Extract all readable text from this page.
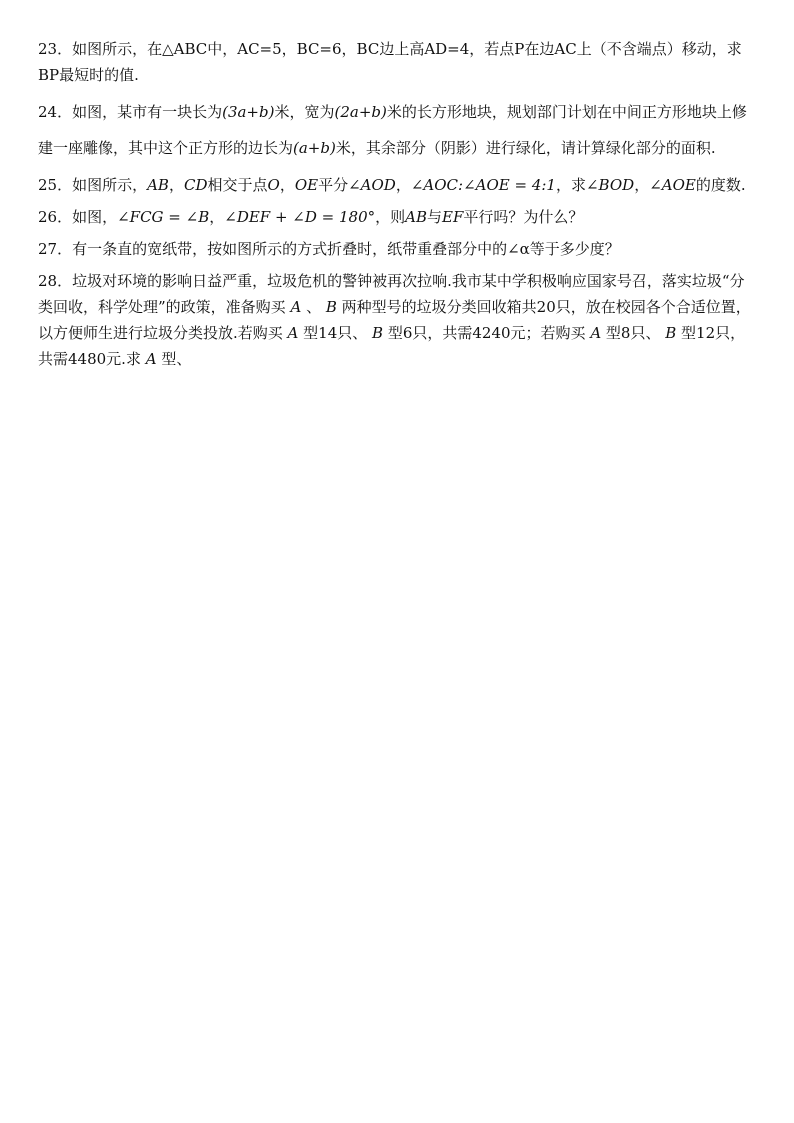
23．如图所示，在△ABC中，AC=5，BC=6，BC边上高AD=4，若点P在边AC上（不含端点）移动，求BP最短时的值.

24．如图，某市有一块长为(3a+b)米，宽为(2a+b)米的长方形地块，规划部门计划在中间正方形地块上修建一座雕像，其中这个正方形的边长为(a+b)米，其余部分（阴影）进行绿化，请计算绿化部分的面积.

25．如图所示，AB，CD相交于点O，OE平分∠AOD，∠AOC:∠AOE = 4:1，求∠BOD，∠AOE的度数.

26．如图，∠FCG = ∠B，∠DEF + ∠D = 180°，则AB与EF平行吗？为什么？

27．有一条直的宽纸带，按如图所示的方式折叠时，纸带重叠部分中的∠α等于多少度？

28．垃圾对环境的影响日益严重，垃圾危机的警钟被再次拉响.我市某中学积极响应国家号召，落实垃圾“分类回收，科学处理”的政策，准备购买 A 、 B 两种型号的垃圾分类回收箱共20只，放在校园各个合适位置，以方便师生进行垃圾分类投放.若购买 A 型14只、 B 型6只，共需4240元；若购买 A 型8只、 B 型12只，共需4480元.求 A 型、
